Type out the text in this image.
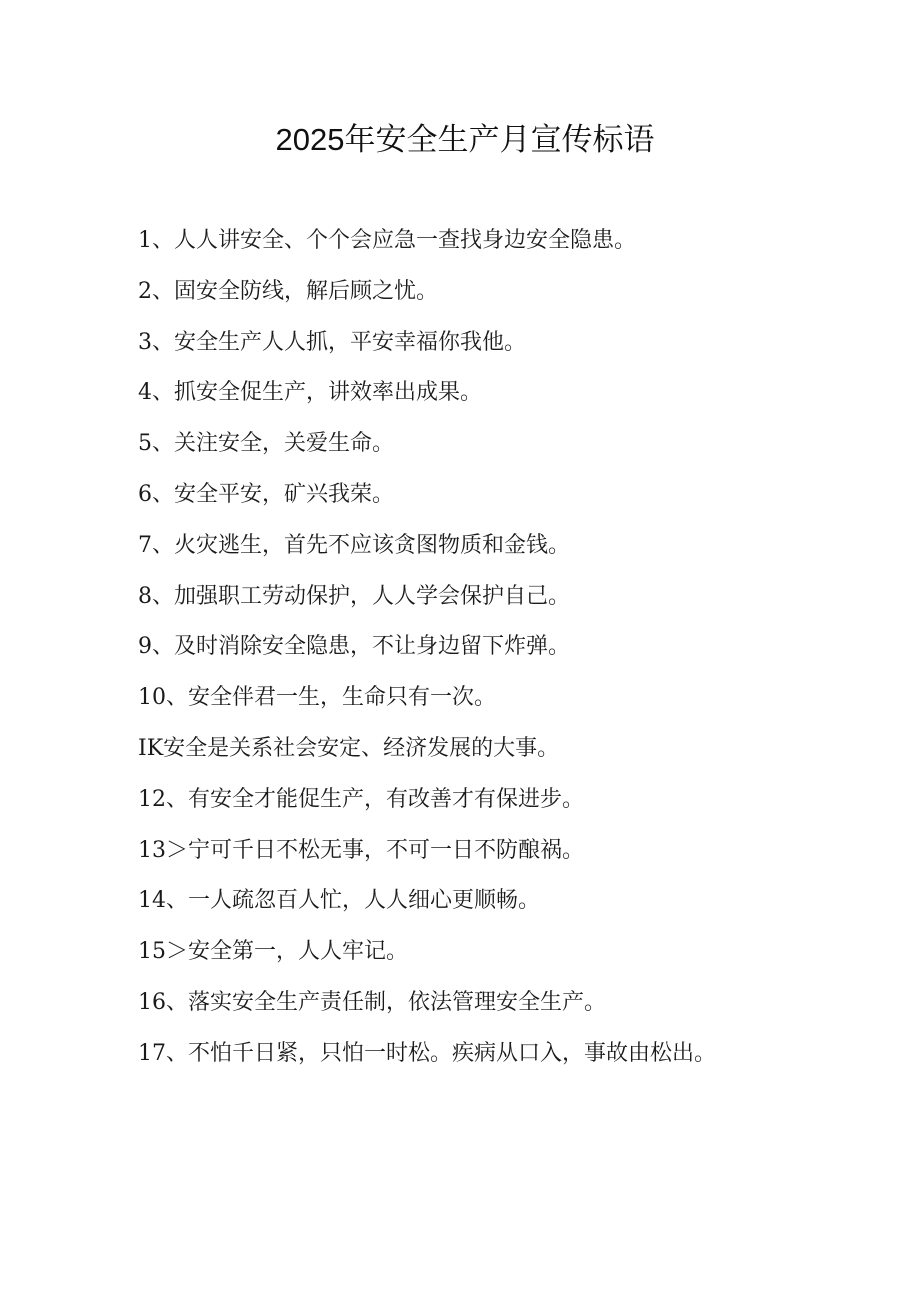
2025年安全生产月宣传标语
1、人人讲安全、个个会应急一查找身边安全隐患。
2、固安全防线，解后顾之忧。
3、安全生产人人抓，平安幸福你我他。
4、抓安全促生产，讲效率出成果。
5、关注安全，关爱生命。
6、安全平安，矿兴我荣。
7、火灾逃生，首先不应该贪图物质和金钱。
8、加强职工劳动保护，人人学会保护自己。
9、及时消除安全隐患，不让身边留下炸弹。
10、安全伴君一生，生命只有一次。
IK安全是关系社会安定、经济发展的大事。
12、有安全才能促生产，有改善才有保进步。
13＞宁可千日不松无事，不可一日不防酿祸。
14、一人疏忽百人忙，人人细心更顺畅。
15＞安全第一，人人牢记。
16、落实安全生产责任制，依法管理安全生产。
17、不怕千日紧，只怕一时松。疾病从口入，事故由松出。
